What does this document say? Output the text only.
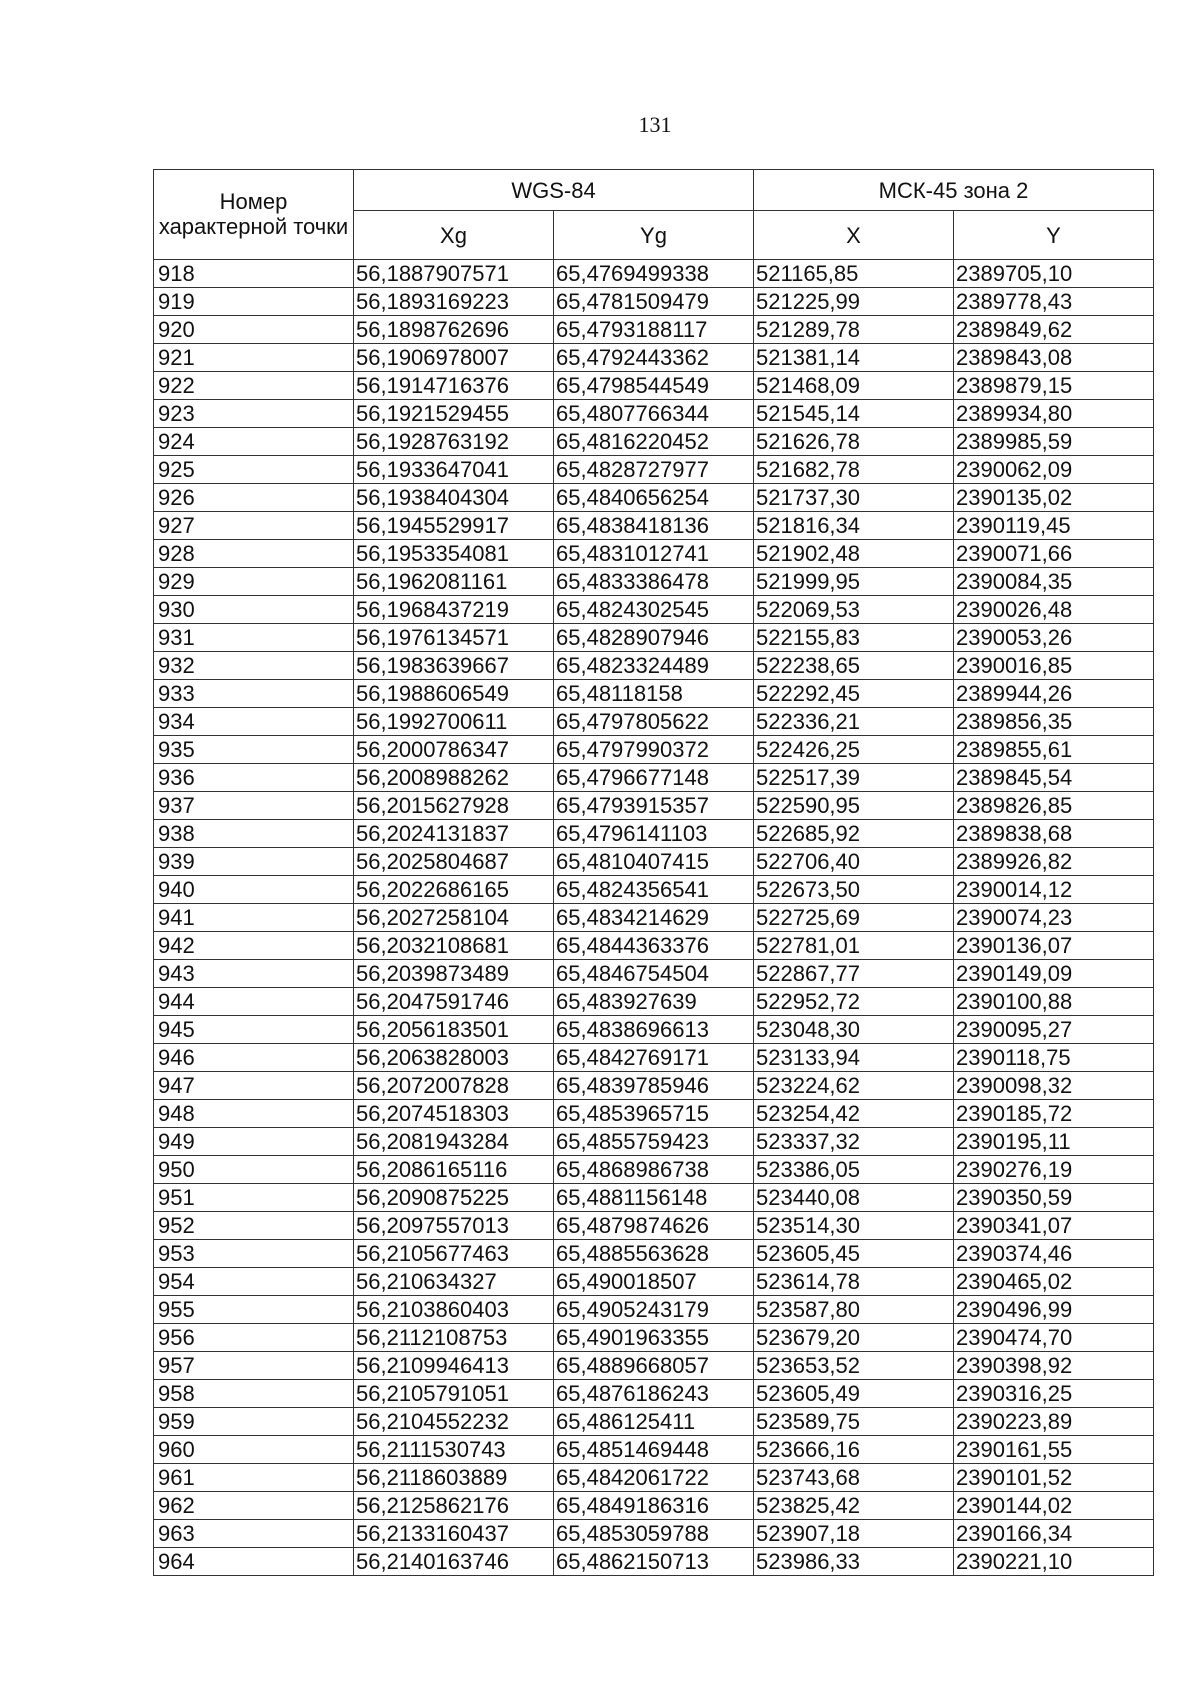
131
Номер характерной точки	WGS-84		МСК-45 зона 2	
	Xg	Yg	X	Y
918	56,1887907571	65,4769499338	521165,85	2389705,10
919	56,1893169223	65,4781509479	521225,99	2389778,43
920	56,1898762696	65,4793188117	521289,78	2389849,62
921	56,1906978007	65,4792443362	521381,14	2389843,08
922	56,1914716376	65,4798544549	521468,09	2389879,15
923	56,1921529455	65,4807766344	521545,14	2389934,80
924	56,1928763192	65,4816220452	521626,78	2389985,59
925	56,1933647041	65,4828727977	521682,78	2390062,09
926	56,1938404304	65,4840656254	521737,30	2390135,02
927	56,1945529917	65,4838418136	521816,34	2390119,45
928	56,1953354081	65,4831012741	521902,48	2390071,66
929	56,1962081161	65,4833386478	521999,95	2390084,35
930	56,1968437219	65,4824302545	522069,53	2390026,48
931	56,1976134571	65,4828907946	522155,83	2390053,26
932	56,1983639667	65,4823324489	522238,65	2390016,85
933	56,1988606549	65,48118158	522292,45	2389944,26
934	56,1992700611	65,4797805622	522336,21	2389856,35
935	56,2000786347	65,4797990372	522426,25	2389855,61
936	56,2008988262	65,4796677148	522517,39	2389845,54
937	56,2015627928	65,4793915357	522590,95	2389826,85
938	56,2024131837	65,4796141103	522685,92	2389838,68
939	56,2025804687	65,4810407415	522706,40	2389926,82
940	56,2022686165	65,4824356541	522673,50	2390014,12
941	56,2027258104	65,4834214629	522725,69	2390074,23
942	56,2032108681	65,4844363376	522781,01	2390136,07
943	56,2039873489	65,4846754504	522867,77	2390149,09
944	56,2047591746	65,483927639	522952,72	2390100,88
945	56,2056183501	65,4838696613	523048,30	2390095,27
946	56,2063828003	65,4842769171	523133,94	2390118,75
947	56,2072007828	65,4839785946	523224,62	2390098,32
948	56,2074518303	65,4853965715	523254,42	2390185,72
949	56,2081943284	65,4855759423	523337,32	2390195,11
950	56,2086165116	65,4868986738	523386,05	2390276,19
951	56,2090875225	65,4881156148	523440,08	2390350,59
952	56,2097557013	65,4879874626	523514,30	2390341,07
953	56,2105677463	65,4885563628	523605,45	2390374,46
954	56,210634327	65,490018507	523614,78	2390465,02
955	56,2103860403	65,4905243179	523587,80	2390496,99
956	56,2112108753	65,4901963355	523679,20	2390474,70
957	56,2109946413	65,4889668057	523653,52	2390398,92
958	56,2105791051	65,4876186243	523605,49	2390316,25
959	56,2104552232	65,486125411	523589,75	2390223,89
960	56,2111530743	65,4851469448	523666,16	2390161,55
961	56,2118603889	65,4842061722	523743,68	2390101,52
962	56,2125862176	65,4849186316	523825,42	2390144,02
963	56,2133160437	65,4853059788	523907,18	2390166,34
964	56,2140163746	65,4862150713	523986,33	2390221,10
